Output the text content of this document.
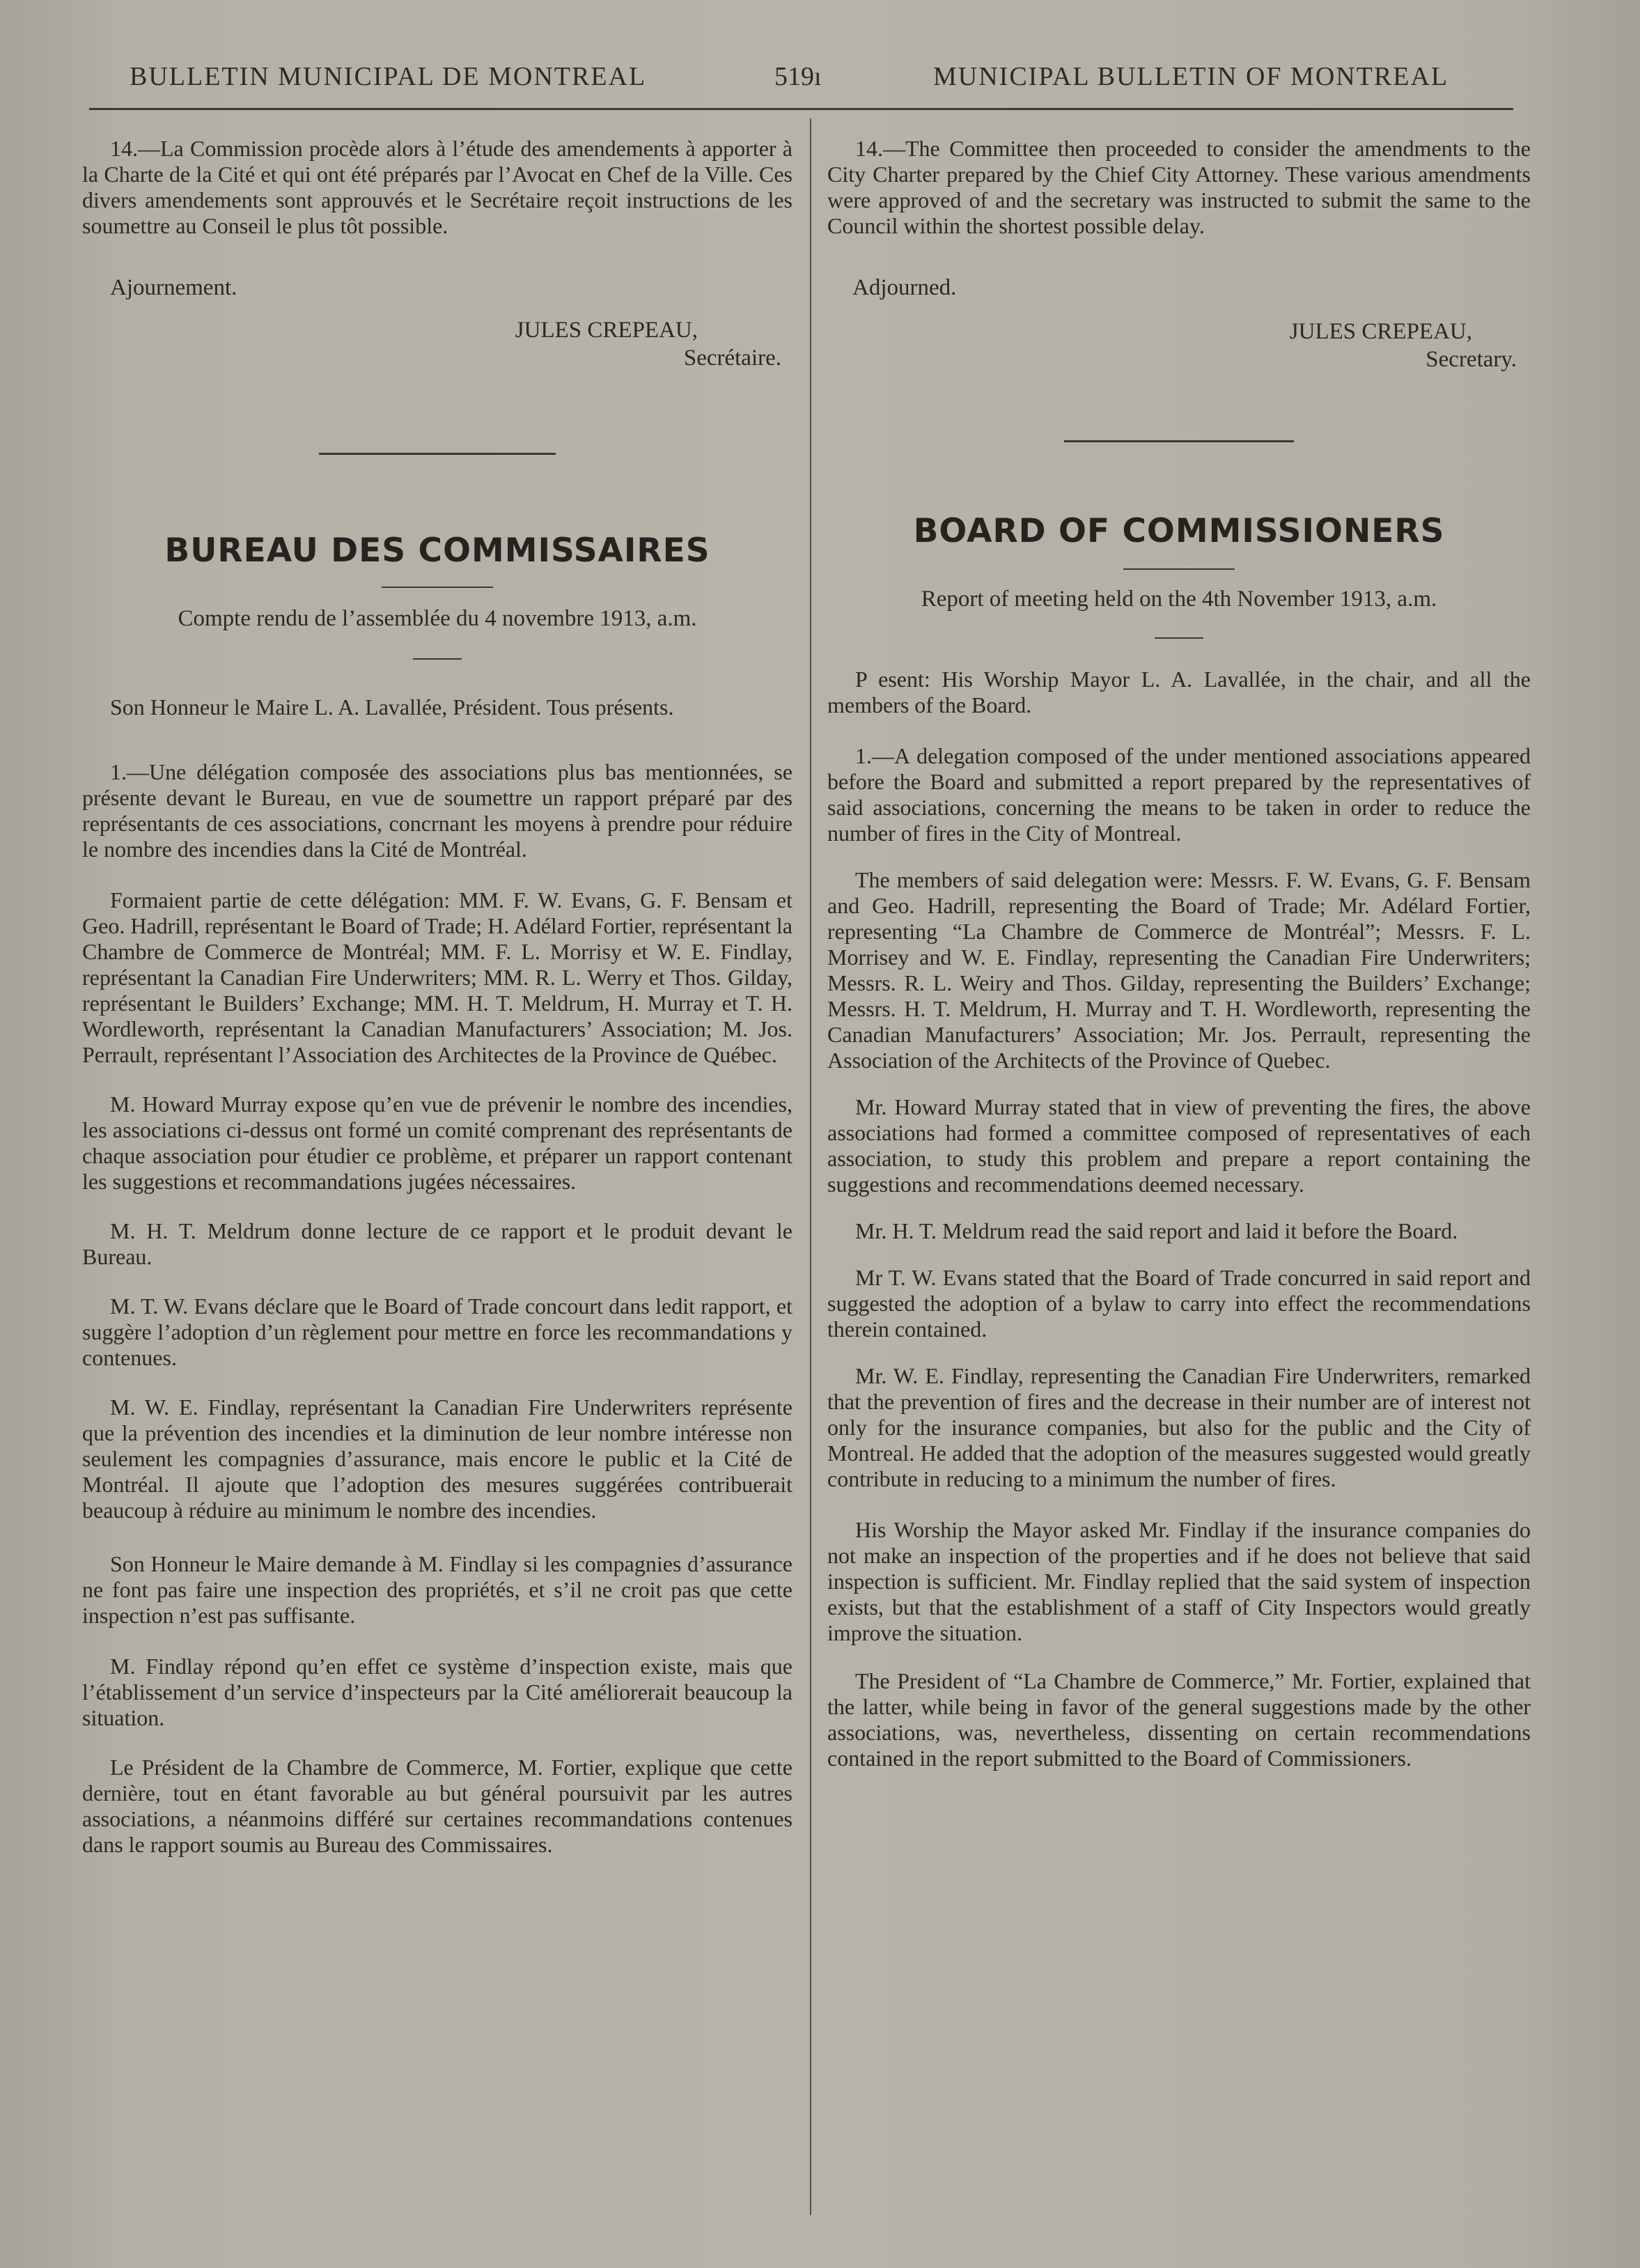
BULLETIN MUNICIPAL DE MONTREAL	519ı	MUNICIPAL BULLETIN OF MONTREAL

14.—La Commission procède alors à l’étude des amendements à apporter à la Charte de la Cité et qui ont été préparés par l’Avocat en Chef de la Ville. Ces divers amendements sont approuvés et le Secrétaire reçoit instructions de les soumettre au Conseil le plus tôt possible.

Ajournement.

JULES CREPEAU,

Secrétaire.

BUREAU DES COMMISSAIRES

Compte rendu de l’assemblée du 4 novembre 1913, a.m.

Son Honneur le Maire L. A. Lavallée, Président. Tous présents.

1.—Une délégation composée des associations plus bas mentionnées, se présente devant le Bureau, en vue de soumettre un rapport préparé par des représentants de ces associations, concrnant les moyens à prendre pour réduire le nombre des incendies dans la Cité de Montréal.

Formaient partie de cette délégation: MM. F. W. Evans, G. F. Bensam et Geo. Hadrill, représentant le Board of Trade; H. Adélard Fortier, représentant la Chambre de Commerce de Montréal; MM. F. L. Morrisy et W. E. Findlay, représentant la Canadian Fire Underwriters; MM. R. L. Werry et Thos. Gilday, représentant le Builders’ Exchange; MM. H. T. Meldrum, H. Murray et T. H. Wordleworth, représentant la Canadian Manufacturers’ Association; M. Jos. Perrault, représentant l’Association des Architectes de la Province de Québec.

M. Howard Murray expose qu’en vue de prévenir le nombre des incendies, les associations ci-dessus ont formé un comité comprenant des représentants de chaque association pour étudier ce problème, et préparer un rapport contenant les suggestions et recommandations jugées nécessaires.

M. H. T. Meldrum donne lecture de ce rapport et le produit devant le Bureau.

M. T. W. Evans déclare que le Board of Trade concourt dans ledit rapport, et suggère l’adoption d’un règlement pour mettre en force les recommandations y contenues.

M. W. E. Findlay, représentant la Canadian Fire Underwriters représente que la prévention des incendies et la diminution de leur nombre intéresse non seulement les compagnies d’assurance, mais encore le public et la Cité de Montréal. Il ajoute que l’adoption des mesures suggérées contribuerait beaucoup à réduire au minimum le nombre des incendies.

Son Honneur le Maire demande à M. Findlay si les compagnies d’assurance ne font pas faire une inspection des propriétés, et s’il ne croit pas que cette inspection n’est pas suffisante.

M. Findlay répond qu’en effet ce système d’inspection existe, mais que l’établissement d’un service d’inspecteurs par la Cité améliorerait beaucoup la situation.

Le Président de la Chambre de Commerce, M. Fortier, explique que cette dernière, tout en étant favorable au but général poursuivit par les autres associations, a néanmoins différé sur certaines recommandations contenues dans le rapport soumis au Bureau des Commissaires.

14.—The Committee then proceeded to consider the amendments to the City Charter prepared by the Chief City Attorney. These various amendments were approved of and the secretary was instructed to submit the same to the Council within the shortest possible delay.

Adjourned.

JULES CREPEAU,

Secretary.

BOARD OF COMMISSIONERS

Report of meeting held on the 4th November 1913, a.m.

P esent: His Worship Mayor L. A. Lavallée, in the chair, and all the members of the Board.

1.—A delegation composed of the under mentioned associations appeared before the Board and submitted a report prepared by the representatives of said associations, concerning the means to be taken in order to reduce the number of fires in the City of Montreal.

The members of said delegation were: Messrs. F. W. Evans, G. F. Bensam and Geo. Hadrill, representing the Board of Trade; Mr. Adélard Fortier, representing “La Chambre de Commerce de Montréal”; Messrs. F. L. Morrisey and W. E. Findlay, representing the Canadian Fire Underwriters; Messrs. R. L. Weiry and Thos. Gilday, representing the Builders’ Exchange; Messrs. H. T. Meldrum, H. Murray and T. H. Wordleworth, representing the Canadian Manufacturers’ Association; Mr. Jos. Perrault, representing the Association of the Architects of the Province of Quebec.

Mr. Howard Murray stated that in view of preventing the fires, the above associations had formed a committee composed of representatives of each association, to study this problem and prepare a report containing the suggestions and recommendations deemed necessary.

Mr. H. T. Meldrum read the said report and laid it before the Board.

Mr T. W. Evans stated that the Board of Trade concurred in said report and suggested the adoption of a bylaw to carry into effect the recommendations therein contained.

Mr. W. E. Findlay, representing the Canadian Fire Underwriters, remarked that the prevention of fires and the decrease in their number are of interest not only for the insurance companies, but also for the public and the City of Montreal. He added that the adoption of the measures suggested would greatly contribute in reducing to a minimum the number of fires.

His Worship the Mayor asked Mr. Findlay if the insurance companies do not make an inspection of the properties and if he does not believe that said inspection is sufficient. Mr. Findlay replied that the said system of inspection exists, but that the establishment of a staff of City Inspectors would greatly improve the situation.

The President of “La Chambre de Commerce,” Mr. Fortier, explained that the latter, while being in favor of the general suggestions made by the other associations, was, nevertheless, dissenting on certain recommendations contained in the report submitted to the Board of Commissioners.
